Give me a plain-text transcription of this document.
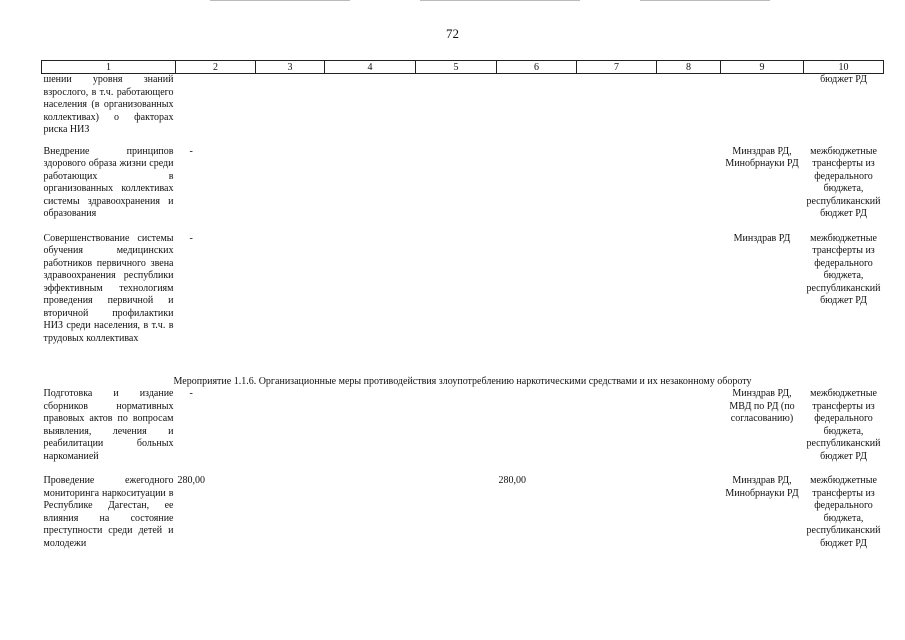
72
1	2	3	4	5	6	7	8	9	10
шении уровня знаний взрослого, в т.ч. работающего населения (в организованных коллективах) о факторах риска НИЗ									бюджет РД
Внедрение принципов здорового образа жизни среди работающих в организованных коллективах системы здравоохранения и образования	-							Минздрав РД, Минобрнауки РД	межбюджетные трансферты из федерального бюджета, республиканский бюджет РД
Совершенствование системы обучения медицинских работников первичного звена здравоохранения республики эффективным технологиям проведения первичной и вторичной профилактики НИЗ среди населения, в т.ч. в трудовых коллективах	-							Минздрав РД	межбюджетные трансферты из федерального бюджета, республиканский бюджет РД
Мероприятие 1.1.6. Организационные меры противодействия злоупотреблению наркотическими средствами и их незаконному обороту									
Подготовка и издание сборников нормативных правовых актов по вопросам выявления, лечения и реабилитации больных наркоманией	-							Минздрав РД, МВД по РД (по согласованию)	межбюджетные трансферты из федерального бюджета, республиканский бюджет РД
Проведение ежегодного мониторинга наркоситуации в Республике Дагестан, ее влияния на состояние преступности среди детей и молодежи	280,00				280,00			Минздрав РД, Минобрнауки РД	межбюджетные трансферты из федерального бюджета, республиканский бюджет РД
